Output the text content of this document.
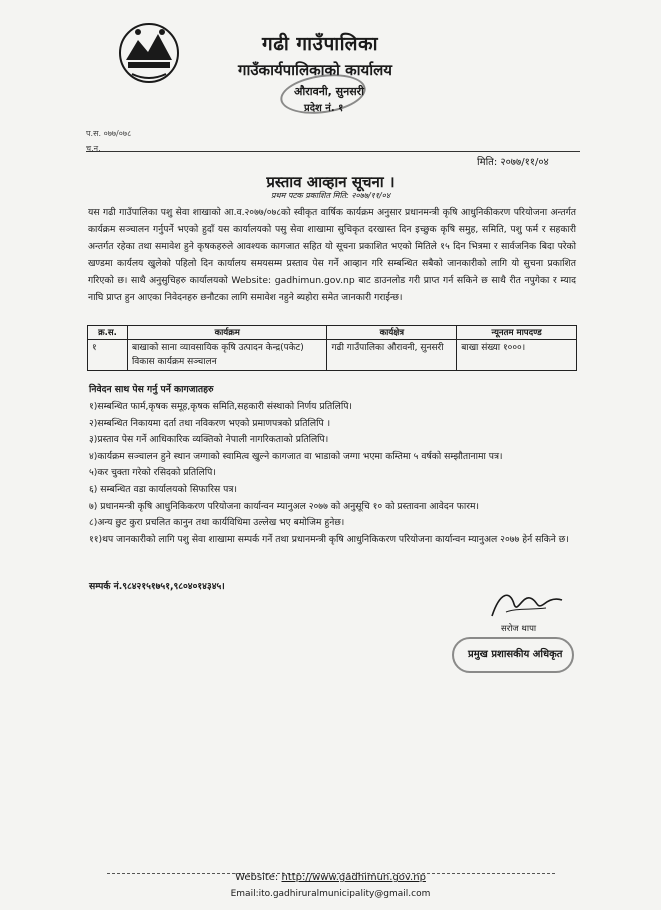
गढी गाउँपालिका
गाउँकार्यपालिकाको कार्यालय
औरावनी, सुनसरी
प्रदेश नं. १
प.स. ०७७/०७८
च.न.
मिति: २०७७/११/०४
प्रस्ताव आव्हान सूचना ।
प्रथम पटक प्रकाशित मिति: २०७७/११/०४

यस गढी गाउँपालिका पशु सेवा शाखाको आ.व.२०७७/०७८को स्वीकृत वार्षिक कार्यक्रम अनुसार प्रधानमन्त्री कृषि आधुनिकीकरण परियोजना अन्तर्गत कार्यक्रम सञ्चालन गर्नुपर्ने भएको हुदाँ यस कार्यालयको पसु सेवा शाखामा सुचिकृत दरखास्त दिन इच्छुक कृषि समुह, समिति, पशु फर्म र सहकारी अन्तर्गत रहेका तथा समावेश हुने कृषकहरुले आवश्यक कागजात सहित यो सूचना प्रकाशित भएको मितिले १५ दिन भित्रमा र सार्वजनिक बिदा परेको खण्डमा कार्यलय खुलेको पहिलो दिन कार्यालय समयसम्म प्रस्ताव पेस गर्ने आव्हान गरि सम्बन्धित सबैको जानकारीको लागि यो सुचना प्रकाशित गरिएको छ। साथै अनुसुचिहरु कार्यालयको Website: gadhimun.gov.np बाट डाउनलोड गरी प्राप्त गर्न सकिने छ साथै रीत नपुगेका र म्याद नाघि प्राप्त हुन आएका निवेदनहरु छनौटका लागि समावेश नहुने ब्यहोरा समेत जानकारी गराईन्छ।

क्र.स.	कार्यक्रम	कार्यक्षेत्र	न्यूनतम मापदण्ड
१	बाखाको साना व्यावसायिक कृषि उत्पादन केन्द्र(पकेट) विकास कार्यक्रम सञ्चालन	गढी गाउँपालिका औरावनी, सुनसरी	बाखा संख्या १०००।
निवेदन साथ पेस गर्नु पर्ने कागजातहरु
१)सम्बन्धित फार्म,कृषक समूह,कृषक समिति,सहकारी संस्थाको निर्णय प्रतिलिपि।
२)सम्बन्धित निकायमा दर्ता तथा नविकरण भएको प्रमाणपत्रको प्रतिलिपि ।
३)प्रस्ताव पेस गर्ने आधिकारिक व्यक्तिको नेपाली नागरिकताको प्रतिलिपि।
४)कार्यक्रम सञ्चालन हुने स्थान जग्गाको स्वामित्व खुल्ने कागजात वा भाडाको जग्गा भएमा कम्तिमा ५ वर्षको सम्झौतानामा पत्र।
५)कर चुक्ता गरेको रसिदको प्रतिलिपि।
६) सम्बन्धित वडा कार्यालयको सिफारिस पत्र।
७) प्रधानमन्त्री कृषि आधुनिकिकरण परियोजना कार्यान्वन म्यानुअल २०७७ को अनुसूचि १० को प्रस्तावना आवेदन फारम।
८)अन्य छुट कुरा प्रचलित कानुन तथा कार्यविधिमा उल्लेख भए बमोजिम हुनेछ।
११)थप जानकारीको लागि पशु सेवा शाखामा सम्पर्क गर्ने तथा प्रधानमन्त्री कृषि आधुनिकिकरण परियोजना कार्यान्वन म्यानुअल २०७७ हेर्न सकिने छ।
सम्पर्क नं.९८४२१५१७५१,९८०४०१४३४५।
सरोज थापा
प्रमुख प्रशासकीय अधिकृत
Website: http://www.gadhimun.gov.np
Email:ito.gadhiruralmunicipality@gmail.com
